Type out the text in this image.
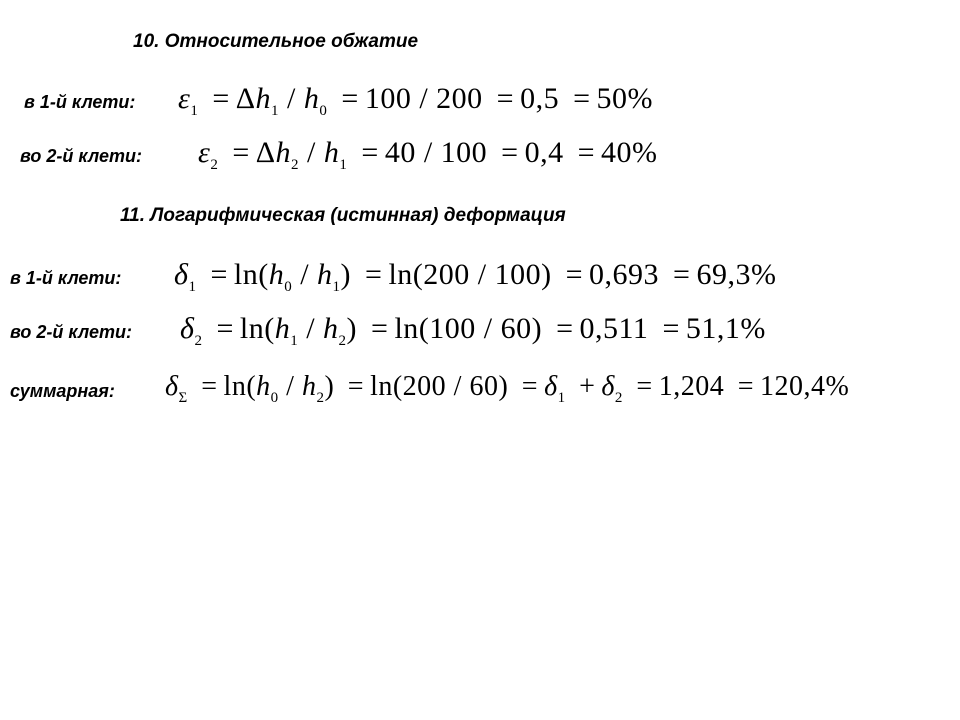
10. Относительное обжатие
в 1-й клети: $\varepsilon_1 = \Delta h_1 / h_0 = 100 / 200 = 0,5 = 50\%$
во 2-й клети: $\varepsilon_2 = \Delta h_2 / h_1 = 40 / 100 = 0,4 = 40\%$
11. Логарифмическая (истинная) деформация
в 1-й клети: $\delta_1 = \ln(h_0 / h_1) = \ln(200 / 100) = 0,693 = 69,3\%$
во 2-й клети: $\delta_2 = \ln(h_1 / h_2) = \ln(100 / 60) = 0,511 = 51,1\%$
суммарная: $\delta_\Sigma = \ln(h_0 / h_2) = \ln(200 / 60) = \delta_1 + \delta_2 = 1,204 = 120,4\%$
